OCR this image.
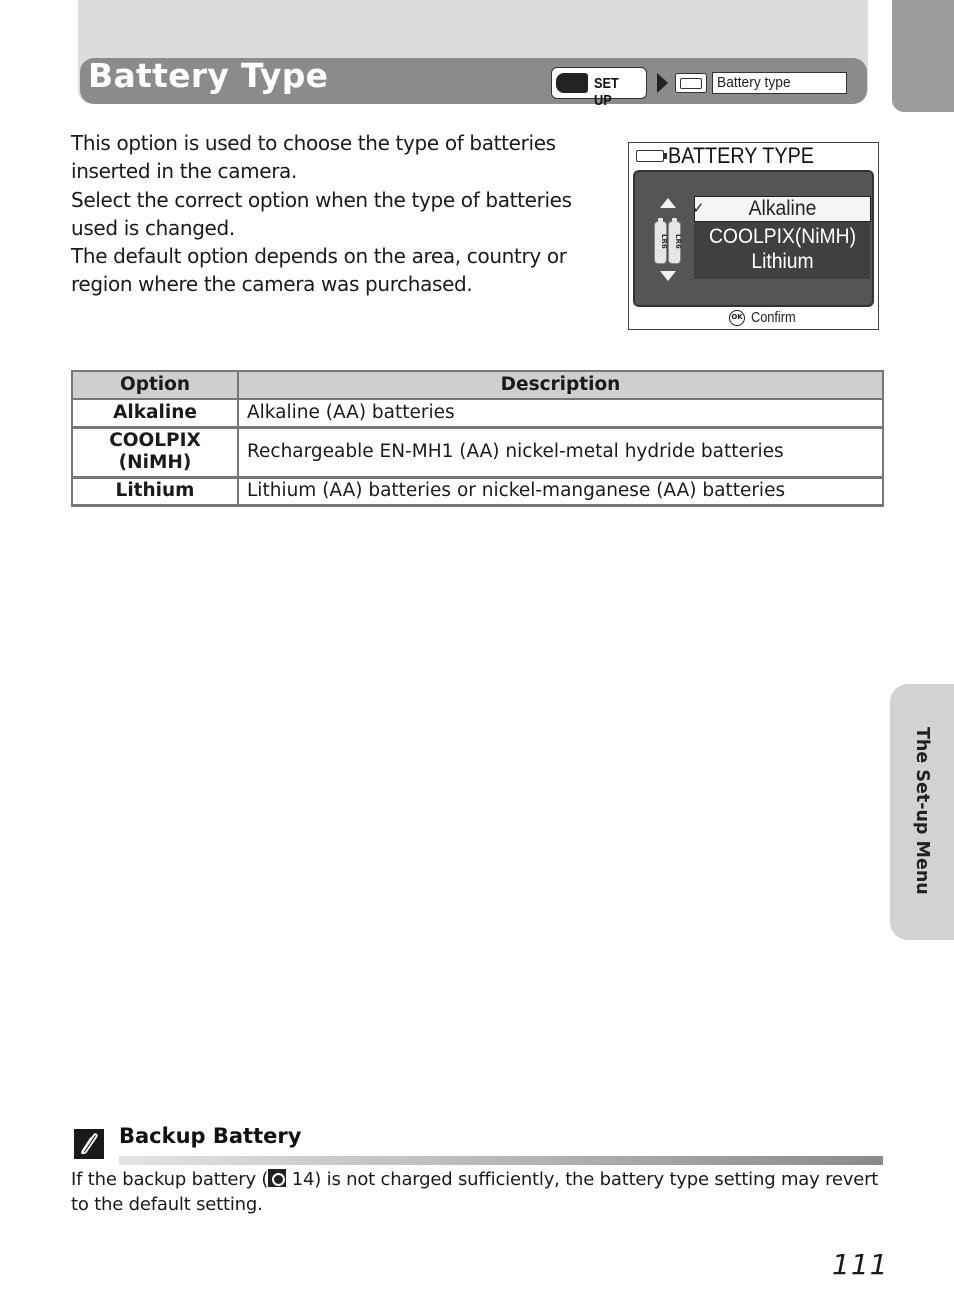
Battery Type	SET UP
Battery type

This option is used to choose the type of batteries inserted in the camera.

Select the correct option when the type of batteries used is changed.

The default option depends on the area, country or region where the camera was purchased.

BATTERY TYPE
✓	Alkaline
COOLPIX(NiMH)
Lithium
LR6 LR6
OK Confirm
Option	Description
Alkaline	Alkaline (AA) batteries

COOLPIX
(NiMH)	Rechargeable EN-MH1 (AA) nickel-metal hydride batteries
Lithium	Lithium (AA) batteries or nickel-manganese (AA) batteries
The Set-up Menu
Backup Battery
If the backup battery ( 14) is not charged sufficiently, the battery type setting may revert to the default setting.
111
